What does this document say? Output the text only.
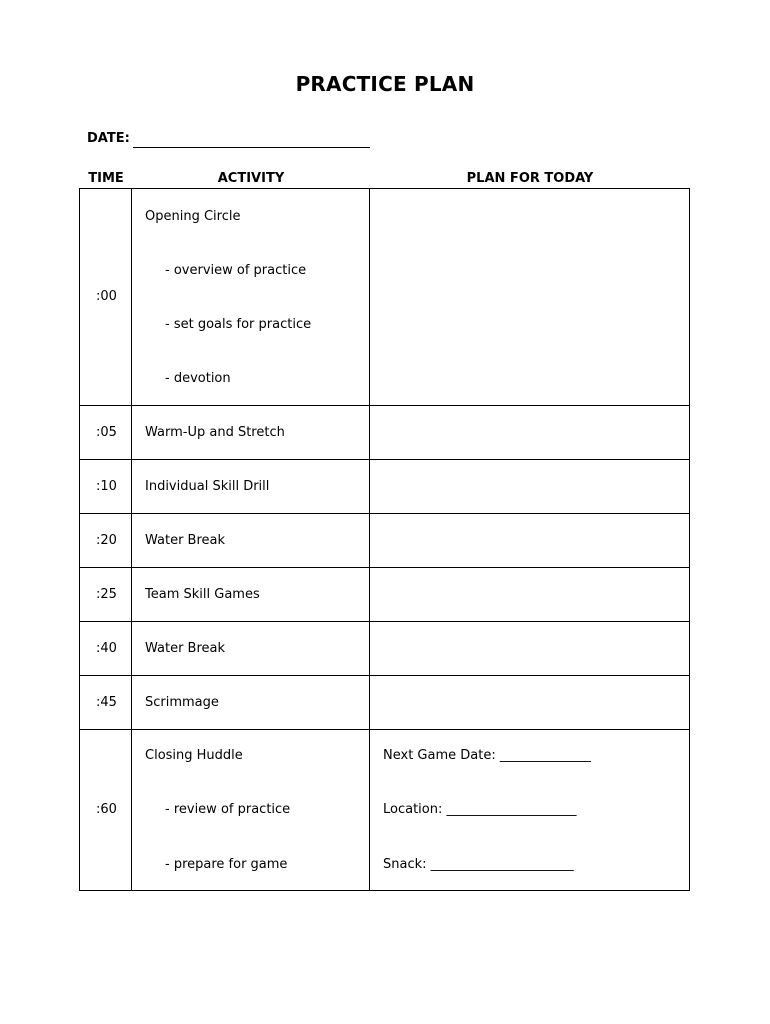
PRACTICE PLAN
DATE:
TIME	ACTIVITY	PLAN FOR TODAY
:00
Opening Circle
- overview of practice
- set goals for practice
- devotion
:05 Warm-Up and Stretch
:10 Individual Skill Drill
:20 Water Break
:25 Team Skill Games
:40 Water Break
:45 Scrimmage
:60
Closing Huddle
- review of practice
- prepare for game
Next Game Date: ______________
Location: ____________________
Snack: ______________________
